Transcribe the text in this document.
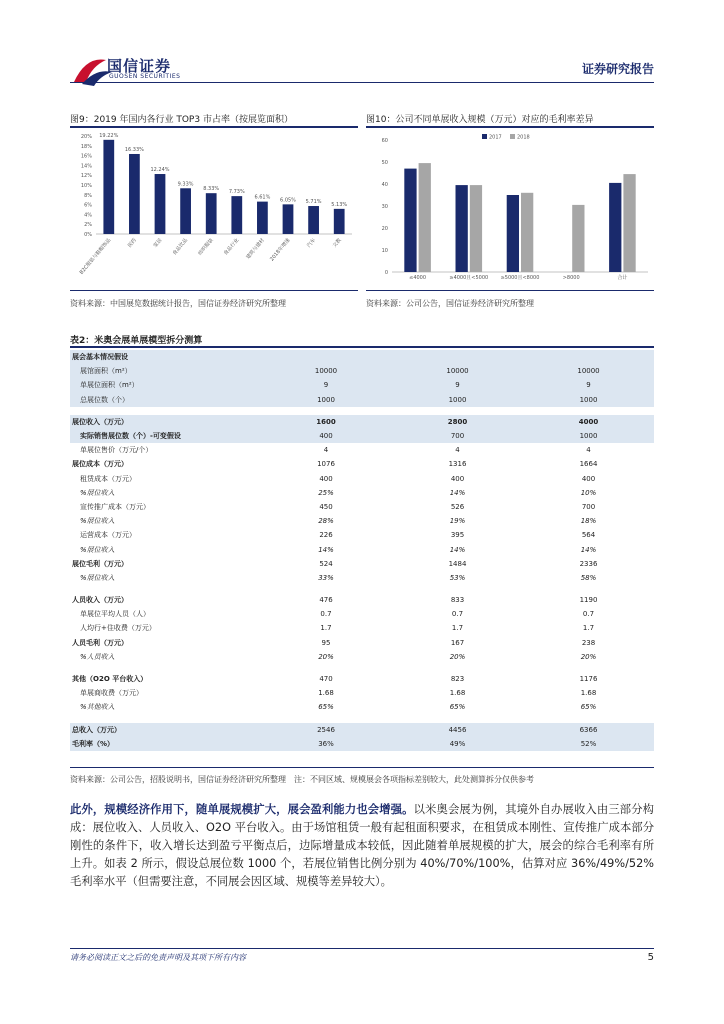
国信证券
GUOSEN SECURITIES
证券研究报告
图9：2019 年国内各行业 TOP3 市占率（按展览面积）
0%
2%
4%
6%
8%
10%
12%
14%
16%
18%
20% 19.22%
B2C服装与鞋帽饰品
16.33%
医药
12.24%
家居
9.33%
食品饮品
8.33%
纺织服装
7.73%
食品行业
6.61%
建筑与建材
6.05%
2018年增速
5.71%
汽车
5.13%
文教
资料来源：中国展览数据统计报告，国信证券经济研究所整理
图10：公司不同单展收入规模（万元）对应的毛利率差异
0
10
20
30
40
50
60
2017	2018
≤4000	≥4000且<5000 ≥5000且<8000	>8000	合计
资料来源：公司公告，国信证券经济研究所整理
表2：米奥会展单展模型拆分测算
展会基本情况假设			
展馆面积（m²）	10000	10000	10000
单展位面积（m²）	9	9	9
总展位数（个）	1000	1000	1000

展位收入（万元）	1600	2800	4000
实际销售展位数（个）-可变假设	400	700	1000
单展位售价（万元/个）	4	4	4
展位成本（万元）	1076	1316	1664
租赁成本（万元）	400	400	400
%展位收入	25%	14%	10%
宣传推广成本（万元）	450	526	700
%展位收入	28%	19%	18%
运营成本（万元）	226	395	564
%展位收入	14%	14%	14%
展位毛利（万元）	524	1484	2336
%展位收入	33%	53%	58%

人员收入（万元）	476	833	1190
单展位平均人员（人）	0.7	0.7	0.7
人均行+住收费（万元）	1.7	1.7	1.7
人员毛利（万元）	95	167	238
%人员收入	20%	20%	20%

其他（O2O 平台收入）	470	823	1176
单展商收费（万元）	1.68	1.68	1.68
%其他收入	65%	65%	65%

总收入（万元）	2546	4456	6366
毛利率（%）	36%	49%	52%
资料来源：公司公告，招股说明书，国信证券经济研究所整理　注：不同区域、规模展会各项指标差别较大，此处测算拆分仅供参考

此外，规模经济作用下，随单展规模扩大，展会盈利能力也会增强。以米奥会展为例，其境外自办展收入由三部分构成：展位收入、人员收入、O2O 平台收入。由于场馆租赁一般有起租面积要求，在租赁成本刚性、宣传推广成本部分刚性的条件下，收入增长达到盈亏平衡点后，边际增量成本较低，因此随着单展规模的扩大，展会的综合毛利率有所上升。如表 2 所示，假设总展位数 1000 个，若展位销售比例分别为 40%/70%/100%，估算对应 36%/49%/52%毛利率水平（但需要注意，不同展会因区域、规模等差异较大）。

请务必阅读正文之后的免责声明及其项下所有内容	5
